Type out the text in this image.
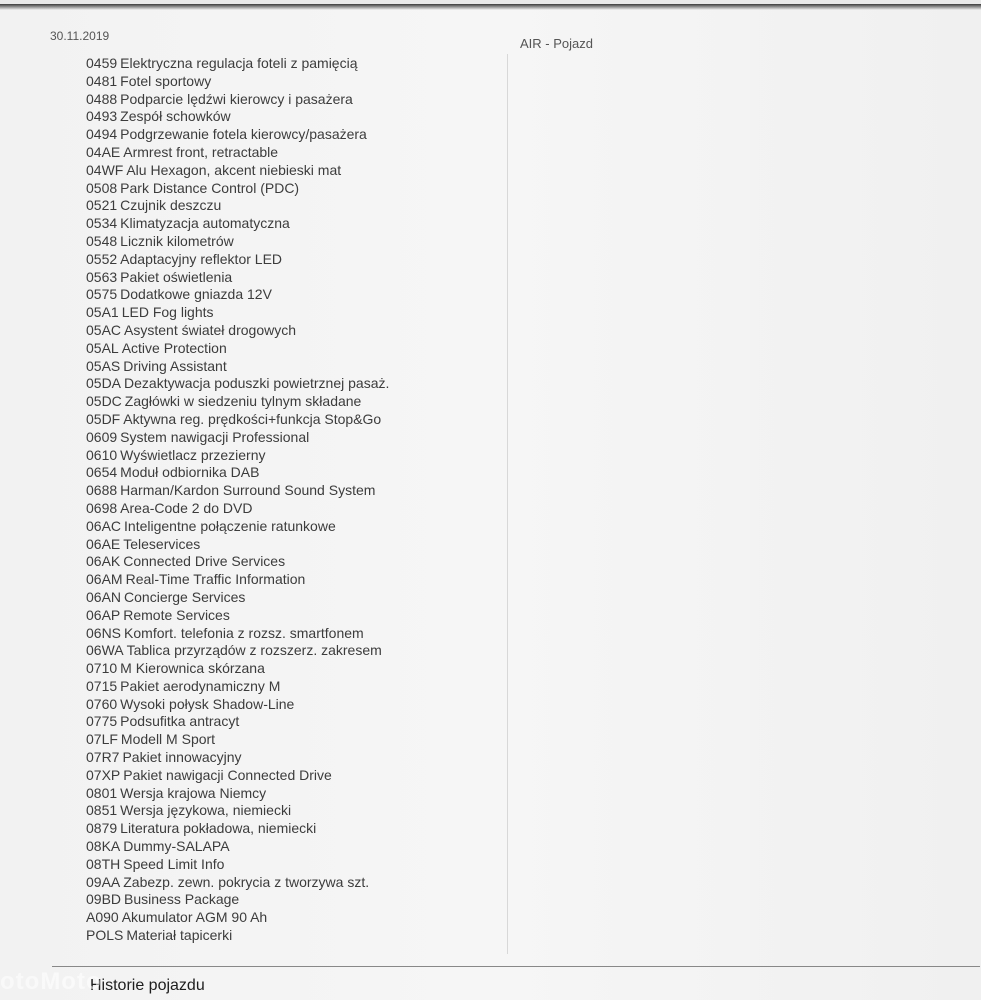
30.11.2019	AIR - Pojazd
0459 Elektryczna regulacja foteli z pamięcią
0481 Fotel sportowy
0488 Podparcie lędźwi kierowcy i pasażera
0493 Zespół schowków
0494 Podgrzewanie fotela kierowcy/pasażera
04AE Armrest front, retractable
04WF Alu Hexagon, akcent niebieski mat
0508 Park Distance Control (PDC)
0521 Czujnik deszczu
0534 Klimatyzacja automatyczna
0548 Licznik kilometrów
0552 Adaptacyjny reflektor LED
0563 Pakiet oświetlenia
0575 Dodatkowe gniazda 12V
05A1 LED Fog lights
05AC Asystent świateł drogowych
05AL Active Protection
05AS Driving Assistant
05DA Dezaktywacja poduszki powietrznej pasaż.
05DC Zagłówki w siedzeniu tylnym składane
05DF Aktywna reg. prędkości+funkcja Stop&Go
0609 System nawigacji Professional
0610 Wyświetlacz przezierny
0654 Moduł odbiornika DAB
0688 Harman/Kardon Surround Sound System
0698 Area-Code 2 do DVD
06AC Inteligentne połączenie ratunkowe
06AE Teleservices
06AK Connected Drive Services
06AM Real-Time Traffic Information
06AN Concierge Services
06AP Remote Services
06NS Komfort. telefonia z rozsz. smartfonem
06WA Tablica przyrządów z rozszerz. zakresem
0710 M Kierownica skórzana
0715 Pakiet aerodynamiczny M
0760 Wysoki połysk Shadow-Line
0775 Podsufitka antracyt
07LF Modell M Sport
07R7 Pakiet innowacyjny
07XP Pakiet nawigacji Connected Drive
0801 Wersja krajowa Niemcy
0851 Wersja językowa, niemiecki
0879 Literatura pokładowa, niemiecki
08KA Dummy-SALAPA
08TH Speed Limit Info
09AA Zabezp. zewn. pokrycia z tworzywa szt.
09BD Business Package
A090 Akumulator AGM 90 Ah
POLS Materiał tapicerki
Historie pojazdu
otoMoto
